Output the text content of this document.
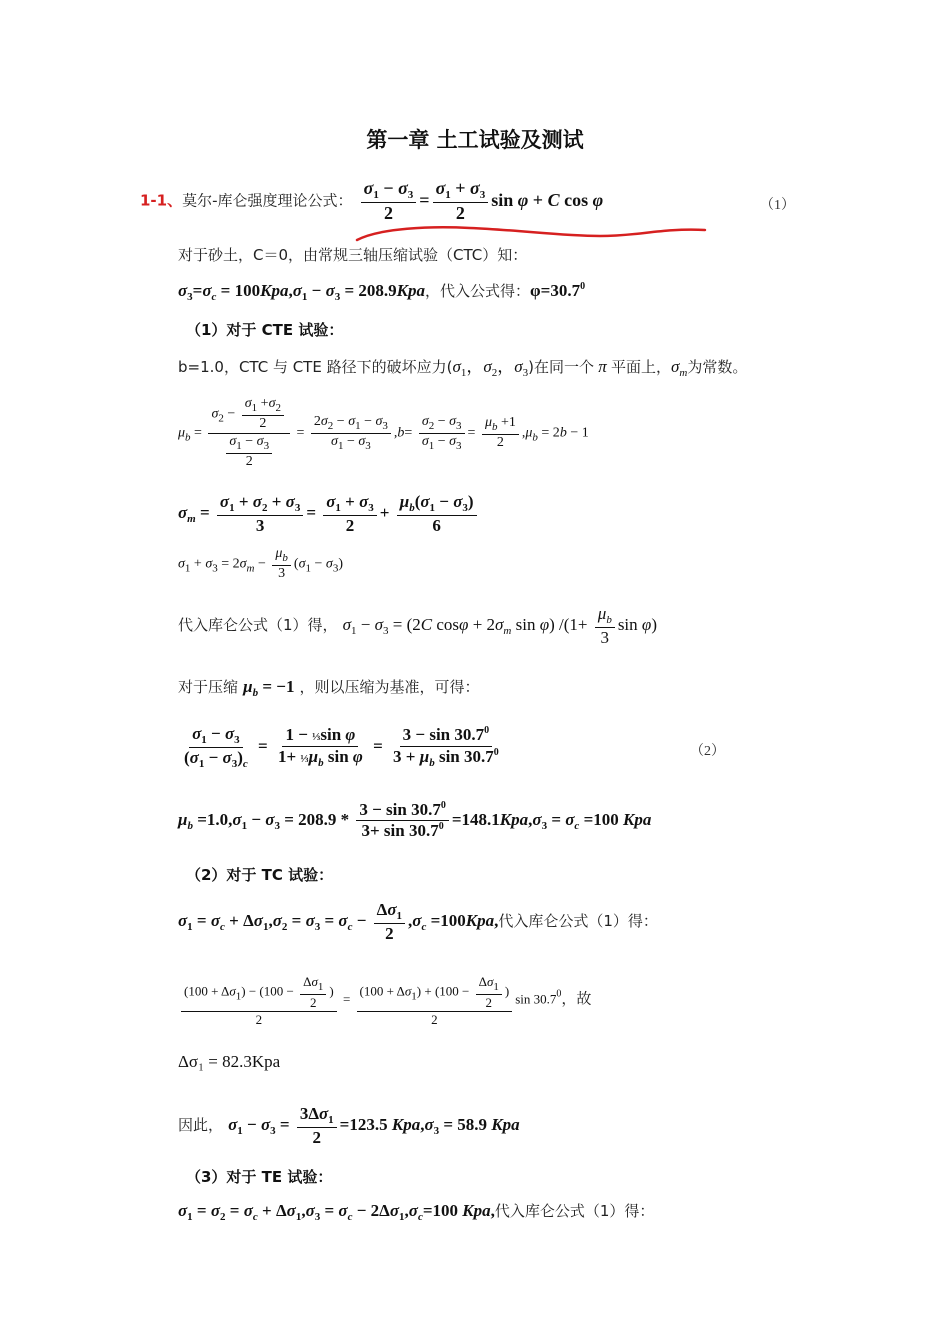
第一章 土工试验及测试
1-1、莫尔-库仑强度理论公式： $\frac{\sigma_1 - \sigma_3}{2} = \frac{\sigma_1 + \sigma_3}{2}$ sin φ + C cos φ	（1）
对于砂土，C＝0，由常规三轴压缩试验（CTC）知：
$\sigma_3=\sigma_c = 100Kpa,\sigma_1 - \sigma_3 = 208.9Kpa$，代入公式得：$\varphi=30.7^0$
（1）对于 CTE 试验：
b=1.0，CTC 与 CTE 路径下的破坏应力($\sigma_1$，$\sigma_2$，$\sigma_3$)在同一个 π 平面上，$\sigma_m$为常数。
$\mu_b = \frac{\sigma_2 - \frac{\sigma_1 +\sigma_2}{2}}{\frac{\sigma_1 - \sigma_3}{2}} = \frac{2\sigma_2 - \sigma_1 - \sigma_3}{\sigma_1 - \sigma_3} ,b= \frac{\sigma_2 - \sigma_3}{\sigma_1 - \sigma_3} = \frac{\mu_b +1}{2} ,\mu_b = 2b - 1$
$\sigma_m = \frac{\sigma_1 + \sigma_2 + \sigma_3}{3} = \frac{\sigma_1 + \sigma_3}{2} + \frac{\mu_b(\sigma_1 - \sigma_3)}{6}$
$\sigma_1 + \sigma_3 = 2\sigma_m - \frac{\mu_b}{3} (\sigma_1 - \sigma_3)$
代入库仑公式（1）得， $\sigma_1 - \sigma_3 = (2C$ $\cos\varphi + 2\sigma_m$ sin φ) $/(1+ \frac{\mu_b}{3}$ sin φ)
对于压缩 $\mu_b = -1$ ，则以压缩为基准，可得：
$\frac{\sigma_1 - \sigma_3}{(\sigma_1 - \sigma_3)_c} = \frac{\text{1 − ⅓sin φ}}{1+ \frac{1}{3}\mu_b \sin \varphi} = \frac{3 - \sin 30.7^0}{3 + \mu_b \sin 30.7^0}$	（2）
$\mu_b =1.0,\sigma_1 - \sigma_3 = 208.9 * \frac{3 - \sin 30.7^0}{3+ \sin 30.7^0} =148.1Kpa,\sigma_3 = \sigma_c =100$ Kpa
（2）对于 TC 试验：
$\sigma_1 = \sigma_c + \Delta\sigma_1,\sigma_2 = \sigma_3 = \sigma_c - \frac{\Delta\sigma_1}{2} ,\sigma_c =100Kpa$,代入库仑公式（1）得：
$\frac{(100 + \Delta\sigma_1) - (100 - \frac{\Delta\sigma_1}{2} )}{2} = \frac{(100 + \Delta\sigma_1) + (100 - \frac{\Delta\sigma_1}{2} )}{2}$ sin 30.7$^0$，故
Δσ₁ = 82.3Kpa
因此， $\sigma_1 - \sigma_3 = \frac{3\Delta\sigma_1}{2} =123.5$ $Kpa,\sigma_3 = 58.9$ Kpa
（3）对于 TE 试验：
$\sigma_1 = \sigma_2 = \sigma_c + \Delta\sigma_1,\sigma_3 = \sigma_c - 2\Delta\sigma_1,\sigma_c=100$ Kpa,代入库仑公式（1）得：
